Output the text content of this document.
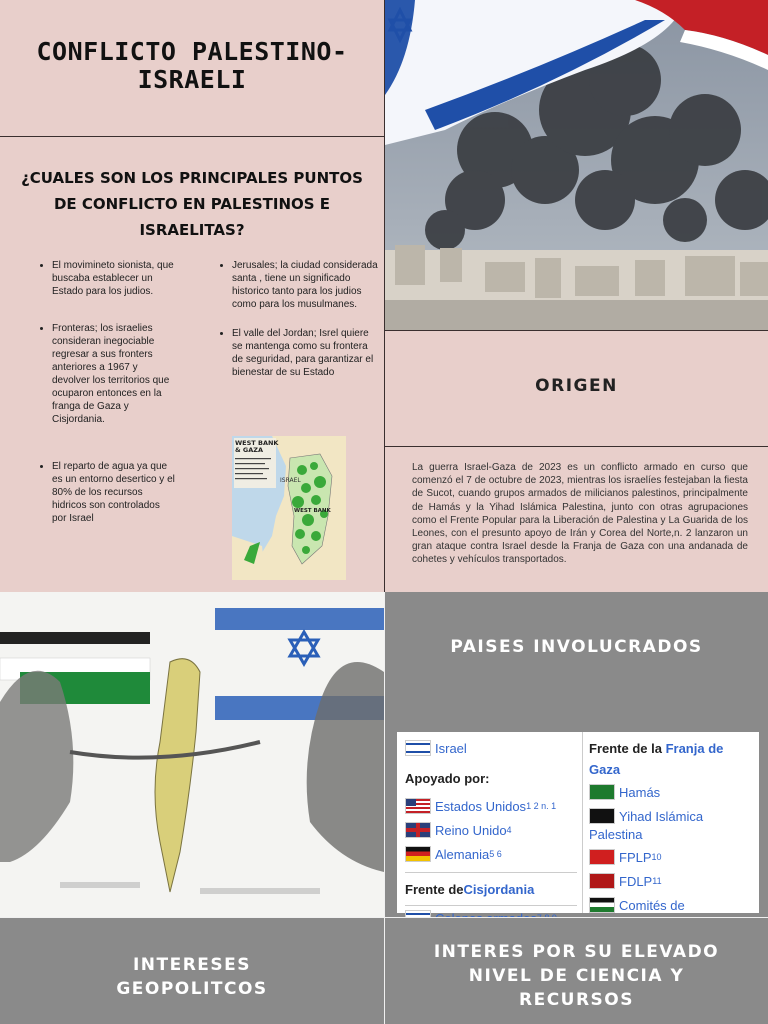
CONFLICTO PALESTINO-ISRAELI
¿CUALES SON LOS PRINCIPALES PUNTOS DE CONFLICTO EN PALESTINOS E ISRAELITAS?
• El movimineto sionista, que buscaba establecer un Estado para los judios.
• Fronteras; los israelies consideran inegociable regresar a sus fronters anteriores a 1967 y devolver los territorios que ocuparon entonces en la franga de Gaza y Cisjordania.
• El reparto de agua ya que es un entorno desertico y el 80% de los recursos hidricos son controlados por Israel
• Jerusales; la ciudad considerada santa , tiene un significado historico tanto para los judios como para los musulmanes.
• El valle del Jordan; Isrel quiere se mantenga como su frontera de seguridad, para garantizar el bienestar de su Estado
WEST BANK
& GAZA
ISRAEL
WEST BANK
ORIGEN
La guerra Israel-Gaza de 2023 es un conflicto armado en curso que comenzó el 7 de octubre de 2023, mientras los israelíes festejaban la fiesta de Sucot, cuando grupos armados de milicianos palestinos, principalmente de Hamás y la Yihad Islámica Palestina, junto con otras agrupaciones como el Frente Popular para la Liberación de Palestina y La Guarida de los Leones, con el presunto apoyo de Irán y Corea del Norte,n. 2 lanzaron un gran ataque contra Israel desde la Franja de Gaza con una andanada de cohetes y vehículos transportados.
PAISES INVOLUCRADOS
Israel
Apoyado por:
Estados Unidos 1 2 n. 1
Reino Unido 4
Alemania 5 6
Frente de Cisjordania
Frente de la Franja de Gaza
Hamás
Yihad Islámica
Palestina
FPLP 10
FDLP 11
Comités de
INTERESES GEOPOLITCOS
INTERES POR SU ELEVADO NIVEL DE CIENCIA Y RECURSOS
